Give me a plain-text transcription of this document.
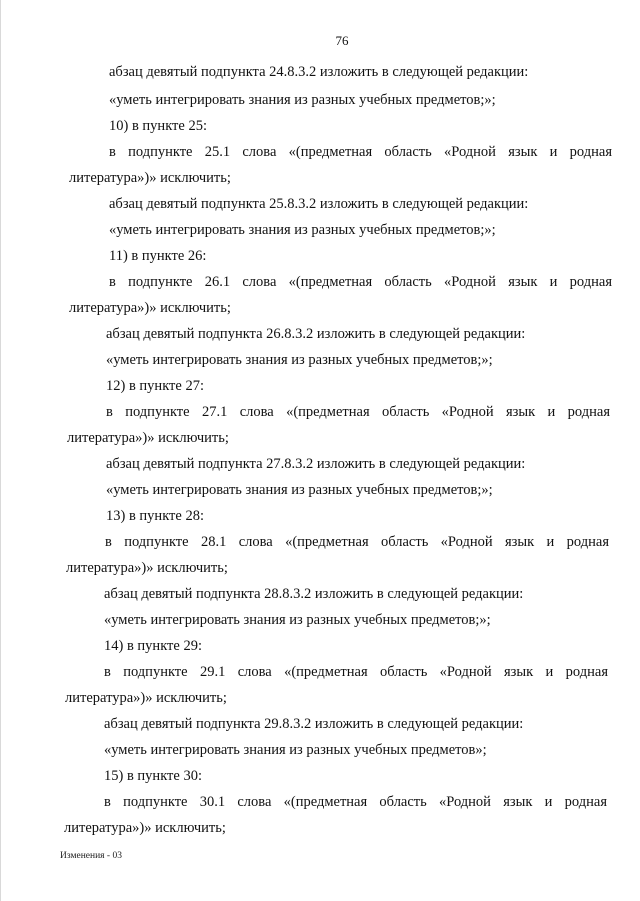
76
абзац девятый подпункта 24.8.3.2 изложить в следующей редакции:
«уметь интегрировать знания из разных учебных предметов;»;
10) в пункте 25:
в подпункте 25.1 слова «(предметная область «Родной язык и родная
литература»)» исключить;
абзац девятый подпункта 25.8.3.2 изложить в следующей редакции:
«уметь интегрировать знания из разных учебных предметов;»;
11) в пункте 26:
в подпункте 26.1 слова «(предметная область «Родной язык и родная
литература»)» исключить;
абзац девятый подпункта 26.8.3.2 изложить в следующей редакции:
«уметь интегрировать знания из разных учебных предметов;»;
12) в пункте 27:
в подпункте 27.1 слова «(предметная область «Родной язык и родная
литература»)» исключить;
абзац девятый подпункта 27.8.3.2 изложить в следующей редакции:
«уметь интегрировать знания из разных учебных предметов;»;
13) в пункте 28:
в подпункте 28.1 слова «(предметная область «Родной язык и родная
литература»)» исключить;
абзац девятый подпункта 28.8.3.2 изложить в следующей редакции:
«уметь интегрировать знания из разных учебных предметов;»;
14) в пункте 29:
в подпункте 29.1 слова «(предметная область «Родной язык и родная
литература»)» исключить;
абзац девятый подпункта 29.8.3.2 изложить в следующей редакции:
«уметь интегрировать знания из разных учебных предметов»;
15) в пункте 30:
в подпункте 30.1 слова «(предметная область «Родной язык и родная
литература»)» исключить;
Изменения - 03
